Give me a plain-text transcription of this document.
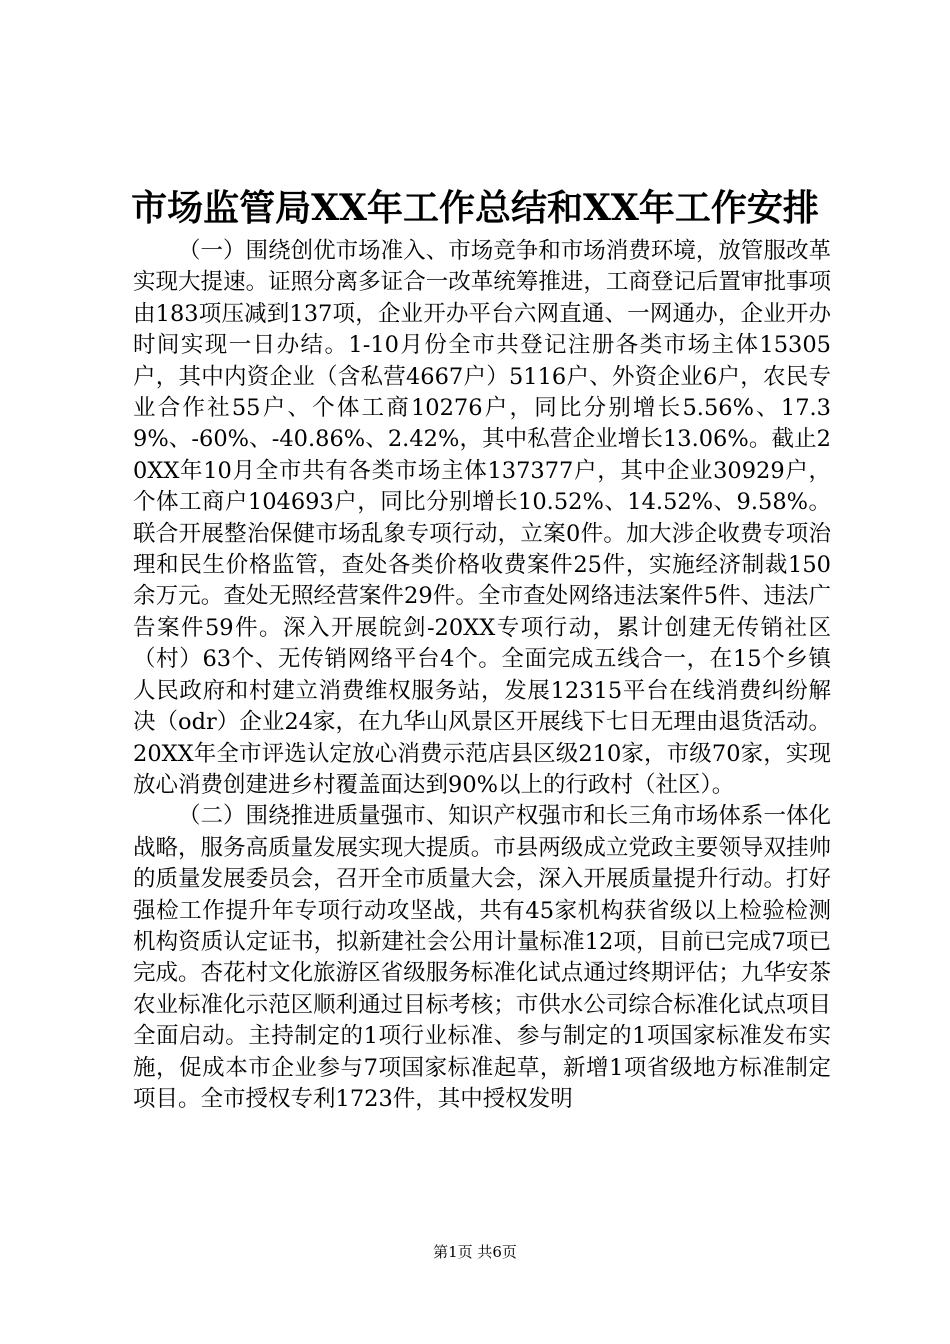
市场监管局XX年工作总结和XX年工作安排

（一）围绕创优市场准入、市场竞争和市场消费环境，放管服改革实现大提速。证照分离多证合一改革统筹推进，工商登记后置审批事项由183项压减到137项，企业开办平台六网直通、一网通办，企业开办时间实现一日办结。1-10月份全市共登记注册各类市场主体15305户，其中内资企业（含私营4667户）5116户、外资企业6户，农民专业合作社55户、个体工商10276户，同比分别增长5.56%、17.39%、-60%、-40.86%、2.42%，其中私营企业增长13.06%。截止20XX年10月全市共有各类市场主体137377户，其中企业30929户，个体工商户104693户，同比分别增长10.52%、14.52%、9.58%。联合开展整治保健市场乱象专项行动，立案0件。加大涉企收费专项治理和民生价格监管，查处各类价格收费案件25件，实施经济制裁150余万元。查处无照经营案件29件。全市查处网络违法案件5件、违法广告案件59件。深入开展皖剑-20XX专项行动，累计创建无传销社区（村）63个、无传销网络平台4个。全面完成五线合一，在15个乡镇人民政府和村建立消费维权服务站，发展12315平台在线消费纠纷解决（odr）企业24家，在九华山风景区开展线下七日无理由退货活动。20XX年全市评选认定放心消费示范店县区级210家，市级70家，实现放心消费创建进乡村覆盖面达到90%以上的行政村（社区）。

（二）围绕推进质量强市、知识产权强市和长三角市场体系一体化战略，服务高质量发展实现大提质。市县两级成立党政主要领导双挂帅的质量发展委员会，召开全市质量大会，深入开展质量提升行动。打好强检工作提升年专项行动攻坚战，共有45家机构获省级以上检验检测机构资质认定证书，拟新建社会公用计量标准12项，目前已完成7项已完成。杏花村文化旅游区省级服务标准化试点通过终期评估；九华安茶农业标准化示范区顺利通过目标考核；市供水公司综合标准化试点项目全面启动。主持制定的1项行业标准、参与制定的1项国家标准发布实施，促成本市企业参与7项国家标准起草，新增1项省级地方标准制定项目。全市授权专利1723件，其中授权发明

第1页 共6页
